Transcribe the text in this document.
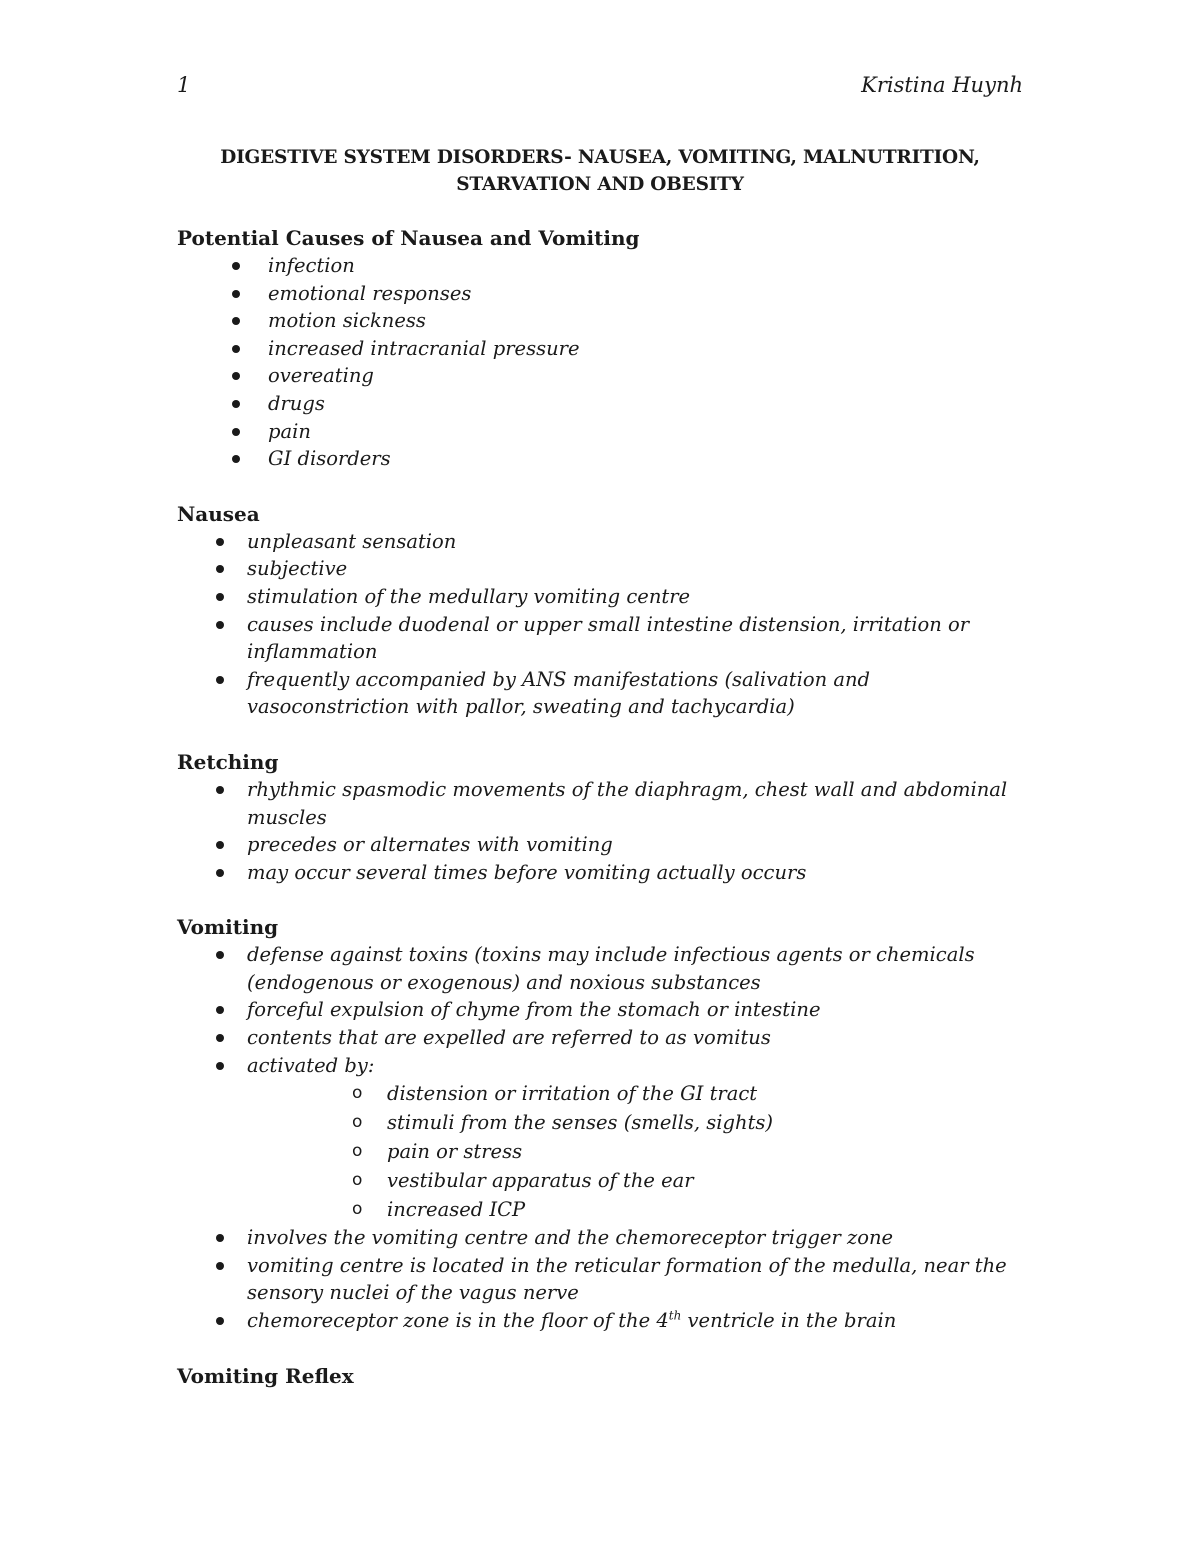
1	Kristina Huynh
DIGESTIVE SYSTEM DISORDERS- NAUSEA, VOMITING, MALNUTRITION,
STARVATION AND OBESITY
Potential Causes of Nausea and Vomiting
infection
emotional responses
motion sickness
increased intracranial pressure
overeating
drugs
pain
GI disorders
Nausea
unpleasant sensation
subjective
stimulation of the medullary vomiting centre
causes include duodenal or upper small intestine distension, irritation or inflammation
frequently accompanied by ANS manifestations (salivation and vasoconstriction with pallor, sweating and tachycardia)
Retching
rhythmic spasmodic movements of the diaphragm, chest wall and abdominal muscles
precedes or alternates with vomiting
may occur several times before vomiting actually occurs
Vomiting
defense against toxins (toxins may include infectious agents or chemicals (endogenous or exogenous) and noxious substances
forceful expulsion of chyme from the stomach or intestine
contents that are expelled are referred to as vomitus
activated by:
o distension or irritation of the GI tract
o stimuli from the senses (smells, sights)
o pain or stress
o vestibular apparatus of the ear
o increased ICP
involves the vomiting centre and the chemoreceptor trigger zone
vomiting centre is located in the reticular formation of the medulla, near the sensory nuclei of the vagus nerve
chemoreceptor zone is in the floor of the 4th ventricle in the brain
Vomiting Reflex
